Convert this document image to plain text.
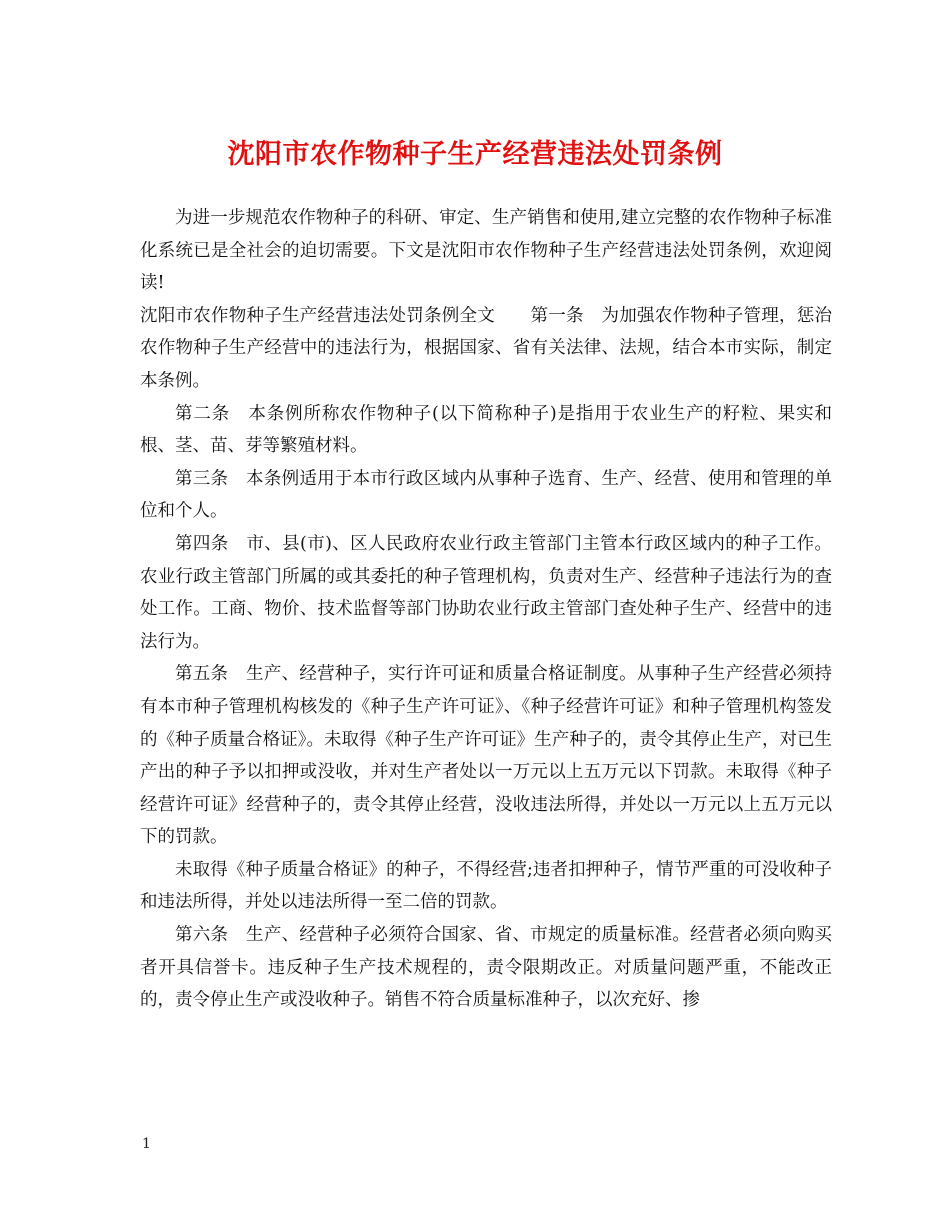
沈阳市农作物种子生产经营违法处罚条例

为进一步规范农作物种子的科研、审定、生产销售和使用,建立完整的农作物种子标准化系统已是全社会的迫切需要。下文是沈阳市农作物种子生产经营违法处罚条例，欢迎阅读!

沈阳市农作物种子生产经营违法处罚条例全文　　第一条　为加强农作物种子管理，惩治农作物种子生产经营中的违法行为，根据国家、省有关法律、法规，结合本市实际，制定本条例。

第二条　本条例所称农作物种子(以下简称种子)是指用于农业生产的籽粒、果实和根、茎、苗、芽等繁殖材料。

第三条　本条例适用于本市行政区域内从事种子选育、生产、经营、使用和管理的单位和个人。

第四条　市、县(市)、区人民政府农业行政主管部门主管本行政区域内的种子工作。农业行政主管部门所属的或其委托的种子管理机构，负责对生产、经营种子违法行为的查处工作。工商、物价、技术监督等部门协助农业行政主管部门查处种子生产、经营中的违法行为。

第五条　生产、经营种子，实行许可证和质量合格证制度。从事种子生产经营必须持有本市种子管理机构核发的《种子生产许可证》、《种子经营许可证》和种子管理机构签发的《种子质量合格证》。未取得《种子生产许可证》生产种子的，责令其停止生产，对已生产出的种子予以扣押或没收，并对生产者处以一万元以上五万元以下罚款。未取得《种子经营许可证》经营种子的，责令其停止经营，没收违法所得，并处以一万元以上五万元以下的罚款。

未取得《种子质量合格证》的种子，不得经营;违者扣押种子，情节严重的可没收种子和违法所得，并处以违法所得一至二倍的罚款。

第六条　生产、经营种子必须符合国家、省、市规定的质量标准。经营者必须向购买者开具信誉卡。违反种子生产技术规程的，责令限期改正。对质量问题严重，不能改正的，责令停止生产或没收种子。销售不符合质量标准种子，以次充好、掺

1
